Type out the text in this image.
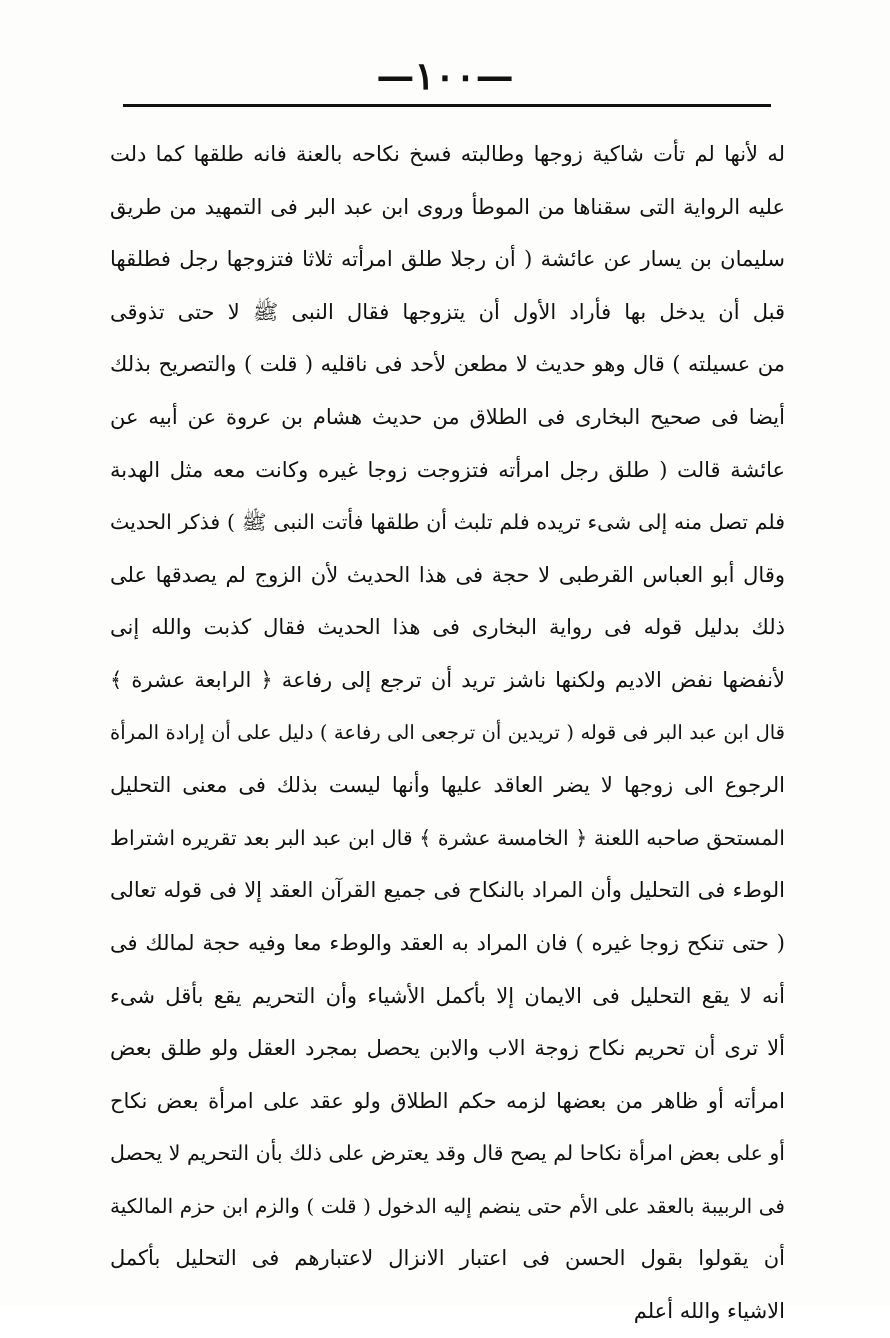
—١٠٠—
له لأنها لم تأت شاكية زوجها وطالبته فسخ نكاحه بالعنة فانه طلقها كما دلت
عليه الرواية التى سقناها من الموطأ وروى ابن عبد البر فى التمهيد من طريق
سليمان بن يسار عن عائشة ( أن رجلا طلق امرأته ثلاثا فتزوجها رجل فطلقها
قبل أن يدخل بها فأراد الأول أن يتزوجها فقال النبى ﷺ لا حتى تذوقى
من عسيلته ) قال وهو حديث لا مطعن لأحد فى ناقليه ( قلت ) والتصريح بذلك
أيضا فى صحيح البخارى فى الطلاق من حديث هشام بن عروة عن أبيه عن
عائشة قالت ( طلق رجل امرأته فتزوجت زوجا غيره وكانت معه مثل الهدبة
فلم تصل منه إلى شىء تريده فلم تلبث أن طلقها فأتت النبى ﷺ ) فذكر الحديث
وقال أبو العباس القرطبى لا حجة فى هذا الحديث لأن الزوج لم يصدقها على
ذلك بدليل قوله فى رواية البخارى فى هذا الحديث فقال كذبت والله إنى
لأنفضها نفض الاديم ولكنها ناشز تريد أن ترجع إلى رفاعة ﴿ الرابعة عشرة ﴾
قال ابن عبد البر فى قوله ( تريدين أن ترجعى الى رفاعة ) دليل على أن إرادة المرأة
الرجوع الى زوجها لا يضر العاقد عليها وأنها ليست بذلك فى معنى التحليل
المستحق صاحبه اللعنة ﴿ الخامسة عشرة ﴾ قال ابن عبد البر بعد تقريره اشتراط
الوطء فى التحليل وأن المراد بالنكاح فى جميع القرآن العقد إلا فى قوله تعالى
( حتى تنكح زوجا غيره ) فان المراد به العقد والوطء معا وفيه حجة لمالك فى
أنه لا يقع التحليل فى الايمان إلا بأكمل الأشياء وأن التحريم يقع بأقل شىء
ألا ترى أن تحريم نكاح زوجة الاب والابن يحصل بمجرد العقل ولو طلق بعض
امرأته أو ظاهر من بعضها لزمه حكم الطلاق ولو عقد على امرأة بعض نكاح
أو على بعض امرأة نكاحا لم يصح قال وقد يعترض على ذلك بأن التحريم لا يحصل
فى الربيبة بالعقد على الأم حتى ينضم إليه الدخول ( قلت ) والزم ابن حزم المالكية
أن يقولوا بقول الحسن فى اعتبار الانزال لاعتبارهم فى التحليل بأكمل
الاشياء والله أعلم
